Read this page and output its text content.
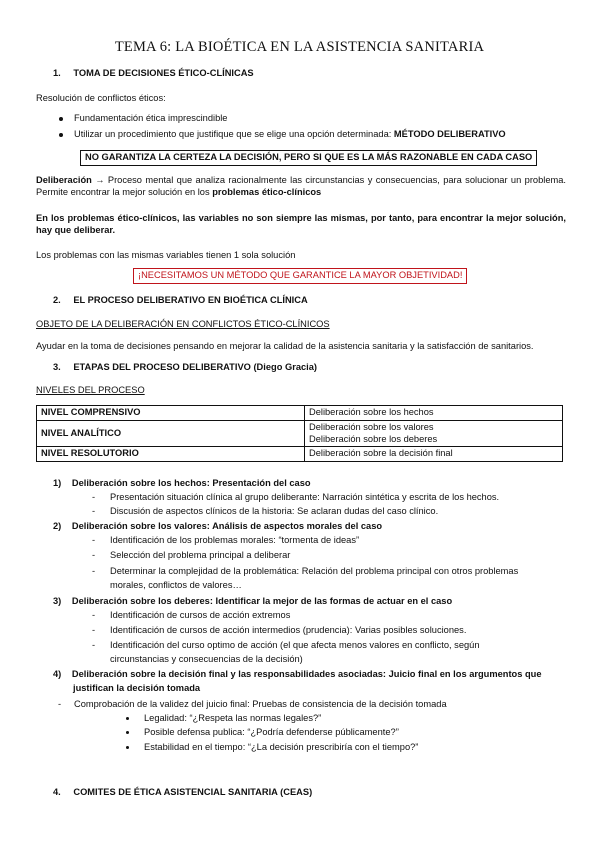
TEMA 6: LA BIOÉTICA EN LA ASISTENCIA SANITARIA
1. TOMA DE DECISIONES ÉTICO-CLÍNICAS
Resolución de conflictos éticos:
Fundamentación ética imprescindible
Utilizar un procedimiento que justifique que se elige una opción determinada: MÉTODO DELIBERATIVO
NO GARANTIZA LA CERTEZA LA DECISIÓN, PERO SI QUE ES LA MÁS RAZONABLE EN CADA CASO
Deliberación → Proceso mental que analiza racionalmente las circunstancias y consecuencias, para solucionar un problema. Permite encontrar la mejor solución en los problemas ético-clínicos
En los problemas ético-clínicos, las variables no son siempre las mismas, por tanto, para encontrar la mejor solución, hay que deliberar.
Los problemas con las mismas variables tienen 1 sola solución
¡NECESITAMOS UN MÉTODO QUE GARANTICE LA MAYOR OBJETIVIDAD!
2. EL PROCESO DELIBERATIVO EN BIOÉTICA CLÍNICA
OBJETO DE LA DELIBERACIÓN EN CONFLICTOS ÉTICO-CLÍNICOS
Ayudar en la toma de decisiones pensando en mejorar la calidad de la asistencia sanitaria y la satisfacción de sanitarios.
3. ETAPAS DEL PROCESO DELIBERATIVO (Diego Gracia)
NIVELES DEL PROCESO
NIVEL COMPRENSIVO	Deliberación sobre los hechos
NIVEL ANALÍTICO	Deliberación sobre los valores
Deliberación sobre los deberes

NIVEL RESOLUTORIO	Deliberación sobre la decisión final
1) Deliberación sobre los hechos: Presentación del caso
- Presentación situación clínica al grupo deliberante: Narración sintética y escrita de los hechos.
- Discusión de aspectos clínicos de la historia: Se aclaran dudas del caso clínico.
2) Deliberación sobre los valores: Análisis de aspectos morales del caso
- Identificación de los problemas morales: “tormenta de ideas”
- Selección del problema principal a deliberar
- Determinar la complejidad de la problemática: Relación del problema principal con otros problemas
morales, conflictos de valores…
3) Deliberación sobre los deberes: Identificar la mejor de las formas de actuar en el caso
- Identificación de cursos de acción extremos
- Identificación de cursos de acción intermedios (prudencia): Varias posibles soluciones.
- Identificación del curso optimo de acción (el que afecta menos valores en conflicto, según
circunstancias y consecuencias de la decisión)
4) Deliberación sobre la decisión final y las responsabilidades asociadas: Juicio final en los argumentos que
justifican la decisión tomada
- Comprobación de la validez del juicio final: Pruebas de consistencia de la decisión tomada
Legalidad: “¿Respeta las normas legales?”
Posible defensa publica: “¿Podría defenderse públicamente?”
Estabilidad en el tiempo: “¿La decisión prescribiría con el tiempo?”
4. COMITES DE ÉTICA ASISTENCIAL SANITARIA (CEAS)
